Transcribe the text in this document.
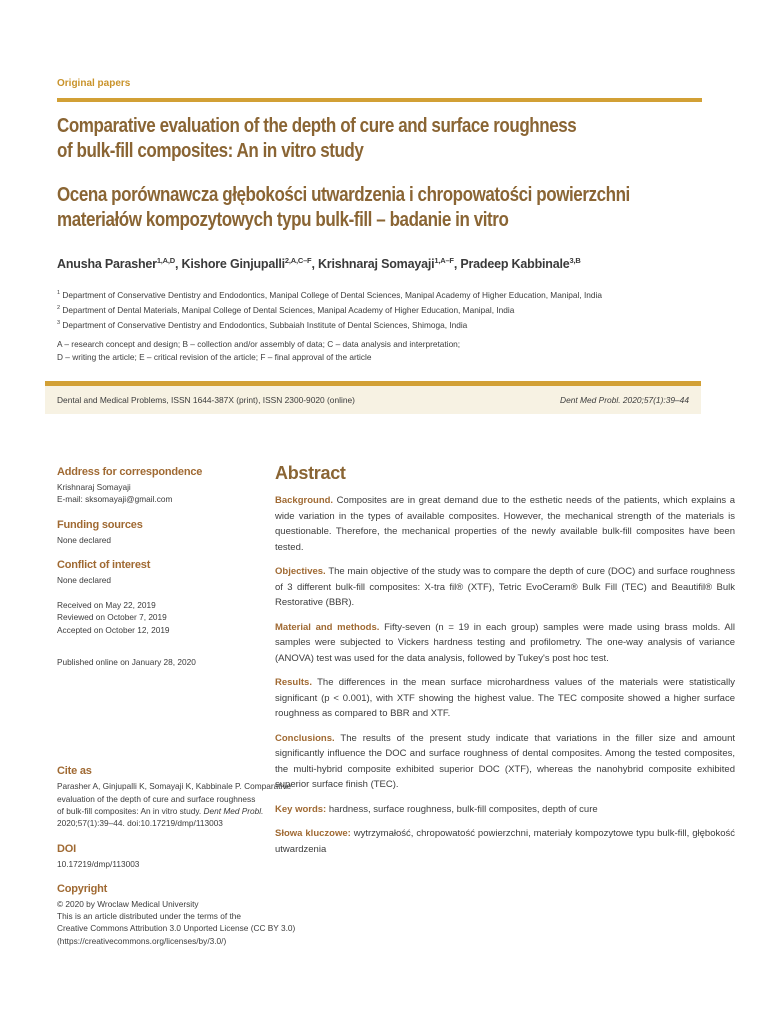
Original papers
Comparative evaluation of the depth of cure and surface roughness
of bulk-fill composites: An in vitro study
Ocena porównawcza głębokości utwardzenia i chropowatości powierzchni
materiałów kompozytowych typu bulk-fill – badanie in vitro
Anusha Parasher$^{1,A,D}$, Kishore Ginjupalli$^{2,A,C-F}$, Krishnaraj Somayaji$^{1,A-F}$, Pradeep Kabbinale$^{3,B}$
$^1$ Department of Conservative Dentistry and Endodontics, Manipal College of Dental Sciences, Manipal Academy of Higher Education, Manipal, India
$^2$ Department of Dental Materials, Manipal College of Dental Sciences, Manipal Academy of Higher Education, Manipal, India
$^3$ Department of Conservative Dentistry and Endodontics, Subbaiah Institute of Dental Sciences, Shimoga, India
A – research concept and design; B – collection and/or assembly of data; C – data analysis and interpretation;
D – writing the article; E – critical revision of the article; F – final approval of the article
Dental and Medical Problems, ISSN 1644-387X (print), ISSN 2300-9020 (online)	Dent Med Probl. 2020;57(1):39–44
Address for correspondence
Krishnaraj Somayaji
E-mail: sksomayaji@gmail.com
Funding sources
None declared
Conflict of interest
None declared
Received on May 22, 2019
Reviewed on October 7, 2019
Accepted on October 12, 2019
Published online on January 28, 2020
Cite as
Parasher A, Ginjupalli K, Somayaji K, Kabbinale P. Comparative
evaluation of the depth of cure and surface roughness
of bulk-fill composites: An in vitro study. Dent Med Probl.
2020;57(1):39–44. doi:10.17219/dmp/113003
DOI
10.17219/dmp/113003
Copyright
© 2020 by Wroclaw Medical University
This is an article distributed under the terms of the
Creative Commons Attribution 3.0 Unported License (CC BY 3.0)
(https://creativecommons.org/licenses/by/3.0/)
Abstract

Background. Composites are in great demand due to the esthetic needs of the patients, which explains a wide variation in the types of available composites. However, the mechanical strength of the materials is questionable. Therefore, the mechanical properties of the newly available bulk-fill composites have been tested.

Objectives. The main objective of the study was to compare the depth of cure (DOC) and surface roughness of 3 different bulk-fill composites: X-tra fil® (XTF), Tetric EvoCeram® Bulk Fill (TEC) and Beautifil® Bulk Restorative (BBR).

Material and methods. Fifty-seven (n = 19 in each group) samples were made using brass molds. All samples were subjected to Vickers hardness testing and profilometry. The one-way analysis of variance (ANOVA) test was used for the data analysis, followed by Tukey's post hoc test.

Results. The differences in the mean surface microhardness values of the materials were statistically significant (p < 0.001), with XTF showing the highest value. The TEC composite showed a higher surface roughness as compared to BBR and XTF.

Conclusions. The results of the present study indicate that variations in the filler size and amount significantly influence the DOC and surface roughness of dental composites. Among the tested composites, the multi-hybrid composite exhibited superior DOC (XTF), whereas the nanohybrid composite exhibited superior surface finish (TEC).

Key words: hardness, surface roughness, bulk-fill composites, depth of cure

Słowa kluczowe: wytrzymałość, chropowatość powierzchni, materiały kompozytowe typu bulk-fill, głębokość utwardzenia
